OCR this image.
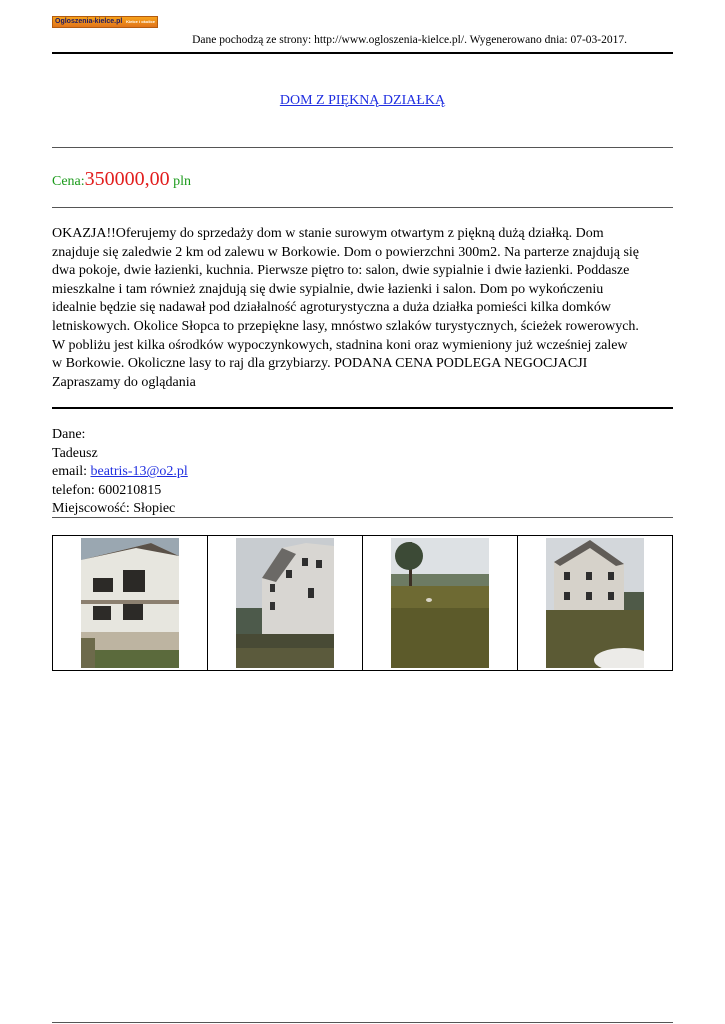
Ogloszenia-kielce.pl Kielce i okolice
Dane pochodzą ze strony: http://www.ogloszenia-kielce.pl/. Wygenerowano dnia: 07-03-2017.
DOM Z PIĘKNĄ DZIAŁKĄ
Cena:350000,00 pln
OKAZJA!!Oferujemy do sprzedaży dom w stanie surowym otwartym z piękną dużą działką. Dom
znajduje się zaledwie 2 km od zalewu w Borkowie. Dom o powierzchni 300m2. Na parterze znajdują się
dwa pokoje, dwie łazienki, kuchnia. Pierwsze piętro to: salon, dwie sypialnie i dwie łazienki. Poddasze
mieszkalne i tam również znajdują się dwie sypialnie, dwie łazienki i salon. Dom po wykończeniu
idealnie będzie się nadawał pod działalność agroturystyczna a duża działka pomieści kilka domków
letniskowych. Okolice Słopca to przepiękne lasy, mnóstwo szlaków turystycznych, ścieżek rowerowych.
W pobliżu jest kilka ośrodków wypoczynkowych, stadnina koni oraz wymieniony już wcześniej zalew
w Borkowie. Okoliczne lasy to raj dla grzybiarzy. PODANA CENA PODLEGA NEGOCJACJI
Zapraszamy do oglądania
Dane:
Tadeusz
email: beatris-13@o2.pl
telefon: 600210815
Miejscowość: Słopiec
